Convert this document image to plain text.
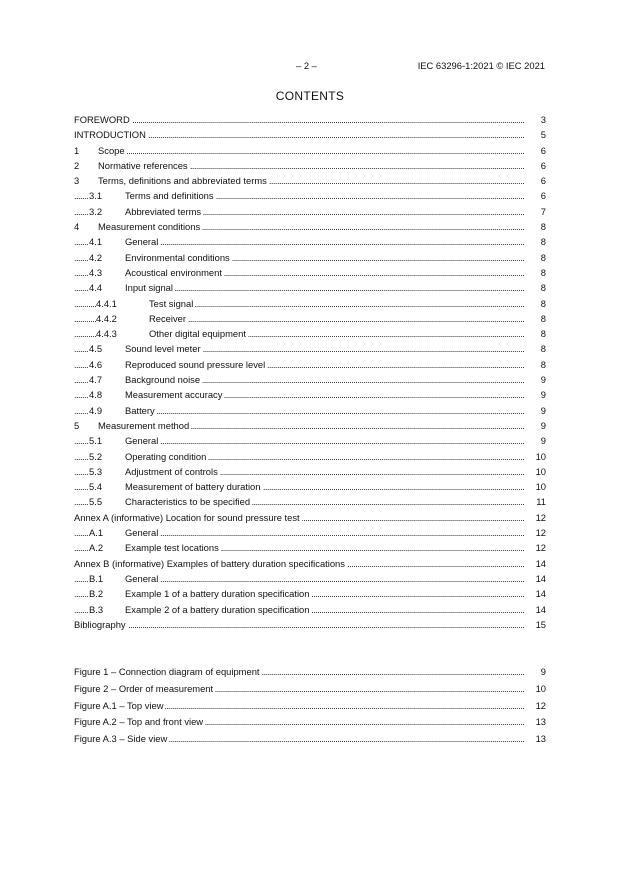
– 2 –	IEC 63296-1:2021 © IEC 2021
CONTENTS
. . .
FOREWORD	3
. . .
INTRODUCTION	5
. . .
1 Scope	6
. . .
2 Normative references	6
. . .
3 Terms, definitions and abbreviated terms	6
. . .
3.1 Terms and definitions	6
. . .
3.2 Abbreviated terms	7
. . .
4 Measurement conditions	8
. . .
4.1 General	8
. . .
4.2 Environmental conditions	8
. . .
4.3 Acoustical environment	8
. . .
4.4 Input signal	8
. . .
4.4.1	Test signal	8
. . .
4.4.2	Receiver	8
. . .
4.4.3	Other digital equipment	8
. . .
4.5 Sound level meter	8
. . .
4.6 Reproduced sound pressure level	8
. . .
4.7 Background noise	9
. . .
4.8 Measurement accuracy	9
. . .
4.9 Battery	9
. . .
5 Measurement method	9
. . .
5.1 General	9
. . .
5.2 Operating condition	10
. . .
5.3 Adjustment of controls	10
. . .
5.4 Measurement of battery duration	10
. . .
5.5 Characteristics to be specified	11
. . .
Annex A (informative) Location for sound pressure test	12
. . .
A.1 General	12
. . .
A.2 Example test locations	12
. . .
Annex B (informative) Examples of battery duration specifications	14
. . .
B.1 General	14
. . .
B.2 Example 1 of a battery duration specification	14
. . .
B.3 Example 2 of a battery duration specification	14
. . .
Bibliography	15
. . .
Figure 1 – Connection diagram of equipment	9
. . .
Figure 2 – Order of measurement	10
. . .
Figure A.1 – Top view	12
. . .
Figure A.2 – Top and front view	13
. . .
Figure A.3 – Side view	13
